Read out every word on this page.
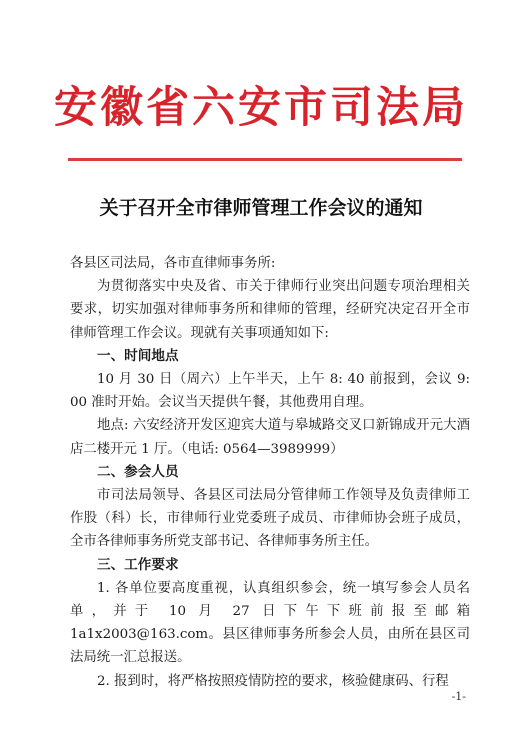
安徽省六安市司法局
关于召开全市律师管理工作会议的通知

各县区司法局，各市直律师事务所:

为贯彻落实中央及省、市关于律师行业突出问题专项治理相关要求，切实加强对律师事务所和律师的管理，经研究决定召开全市律师管理工作会议。现就有关事项通知如下:

一、时间地点

10 月 30 日（周六）上午半天，上午 8: 40 前报到，会议 9: 00 准时开始。会议当天提供午餐，其他费用自理。

地点: 六安经济开发区迎宾大道与皋城路交叉口新锦成开元大酒店二楼开元 1 厅。（电话: 0564—3989999）

二、参会人员

市司法局领导、各县区司法局分管律师工作领导及负责律师工作股（科）长，市律师行业党委班子成员、市律师协会班子成员，全市各律师事务所党支部书记、各律师事务所主任。

三、工作要求

1. 各单位要高度重视，认真组织参会，统一填写参会人员名单，并于 10 月 27 日下午下班前报至邮箱 1a1x2003@163.com。县区律师事务所参会人员，由所在县区司法局统一汇总报送。

2. 报到时，将严格按照疫情防控的要求，核验健康码、行程

-1-
